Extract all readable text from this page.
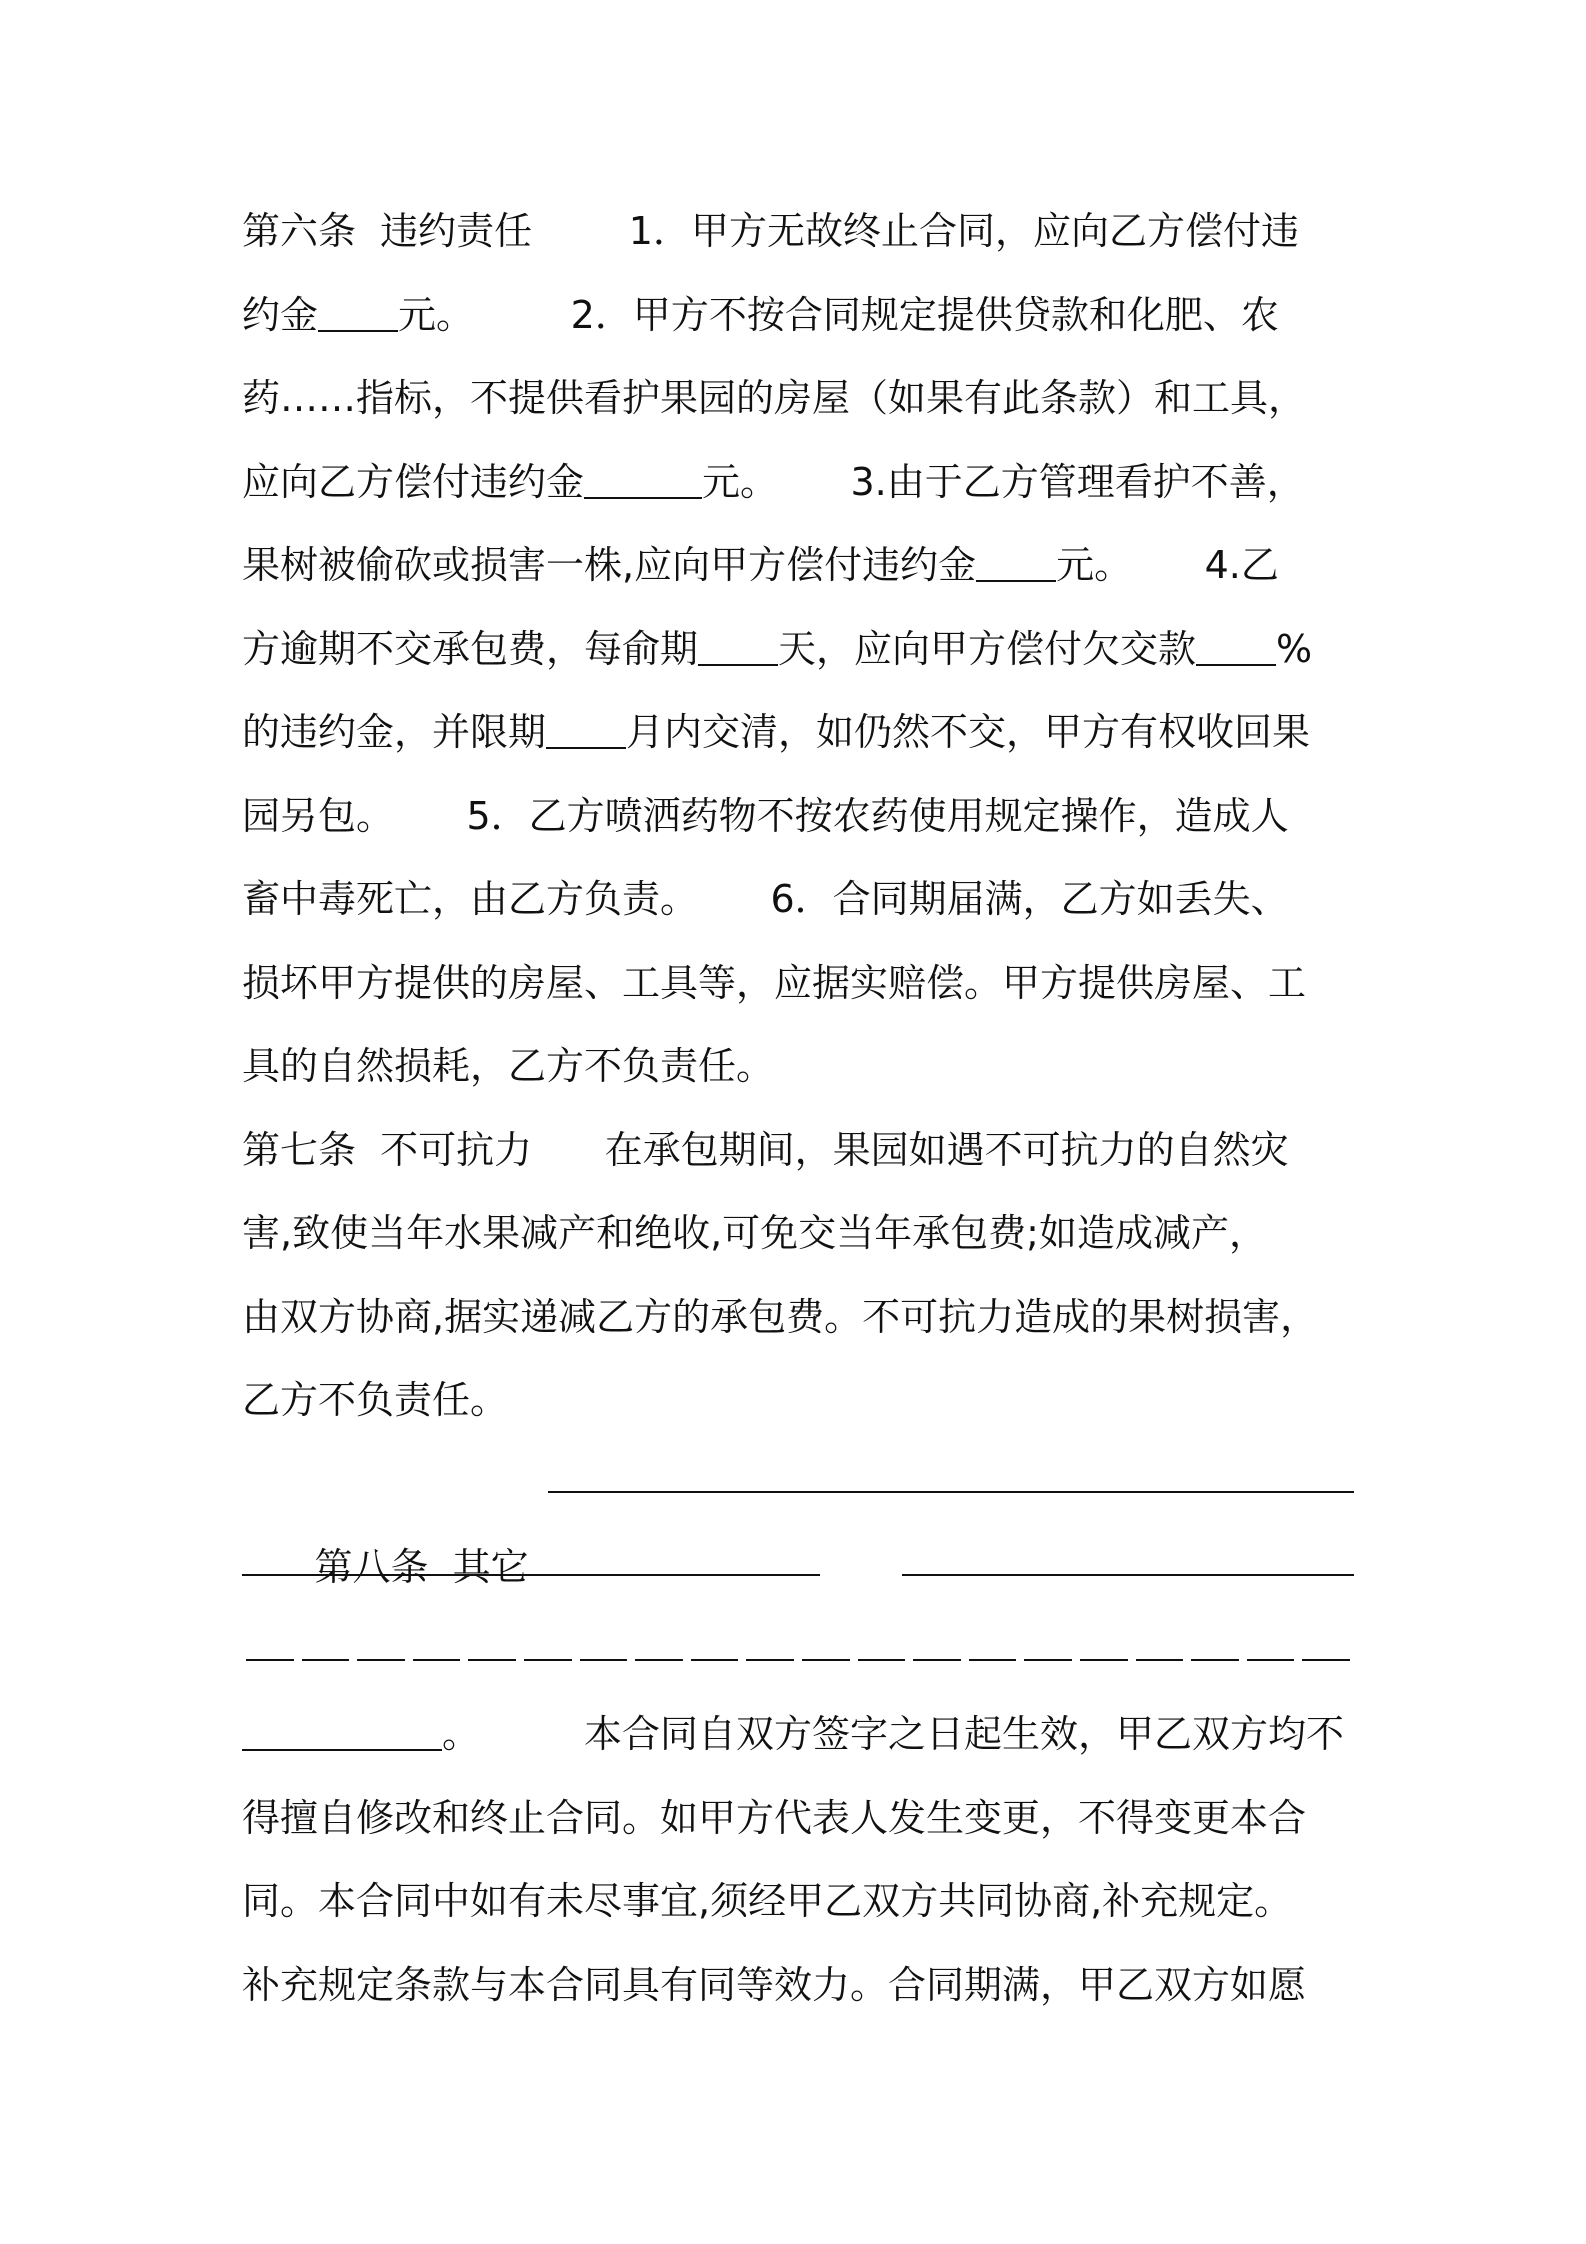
第六条  违约责任        1．甲方无故终止合同，应向乙方偿付违
约金 元。        2．甲方不按合同规定提供贷款和化肥、农
药……指标，不提供看护果园的房屋（如果有此条款）和工具，
应向乙方偿付违约金	元。      3.由于乙方管理看护不善，
果树被偷砍或损害一株,应向甲方偿付违约金 元。      4.乙
方逾期不交承包费，每俞期 天，应向甲方偿付欠交款 %
的违约金，并限期 月内交清，如仍然不交，甲方有权收回果
园另包。      5．乙方喷洒药物不按农药使用规定操作，造成人
畜中毒死亡，由乙方负责。      6．合同期届满，乙方如丢失、
损坏甲方提供的房屋、工具等，应据实赔偿。甲方提供房屋、工
具的自然损耗，乙方不负责任。
第七条  不可抗力      在承包期间，果园如遇不可抗力的自然灾
害,致使当年水果减产和绝收,可免交当年承包费;如造成减产，
由双方协商,据实递减乙方的承包费。不可抗力造成的果树损害，
乙方不负责任。

第八条  其它

。	本合同自双方签字之日起生效，甲乙双方均不
得擅自修改和终止合同。如甲方代表人发生变更，不得变更本合
同。本合同中如有未尽事宜,须经甲乙双方共同协商,补充规定。
补充规定条款与本合同具有同等效力。合同期满，甲乙双方如愿
